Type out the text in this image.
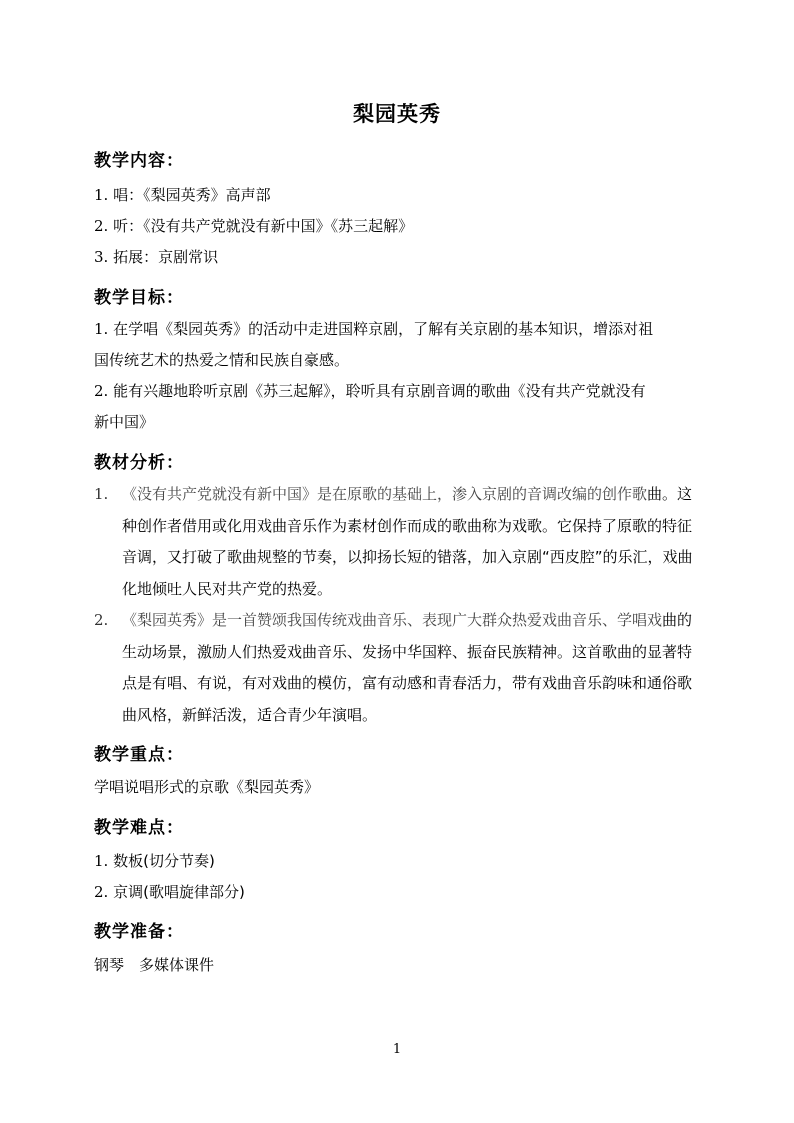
梨园英秀
教学内容：
1. 唱：《梨园英秀》高声部
2. 听：《没有共产党就没有新中国》《苏三起解》
3. 拓展：京剧常识
教学目标：
1. 在学唱《梨园英秀》的活动中走进国粹京剧，了解有关京剧的基本知识，增添对祖
国传统艺术的热爱之情和民族自豪感。
2. 能有兴趣地聆听京剧《苏三起解》，聆听具有京剧音调的歌曲《没有共产党就没有
新中国》
教材分析：
1. 《没有共产党就没有新中国》是在原歌的基础上，渗入京剧的音调改编的创作歌曲。这种创作者借用或化用戏曲音乐作为素材创作而成的歌曲称为戏歌。它保持了原歌的特征音调，又打破了歌曲规整的节奏，以抑扬长短的错落，加入京剧“西皮腔”的乐汇，戏曲化地倾吐人民对共产党的热爱。
2. 《梨园英秀》是一首赞颂我国传统戏曲音乐、表现广大群众热爱戏曲音乐、学唱戏曲的生动场景，激励人们热爱戏曲音乐、发扬中华国粹、振奋民族精神。这首歌曲的显著特点是有唱、有说，有对戏曲的模仿，富有动感和青春活力，带有戏曲音乐韵味和通俗歌曲风格，新鲜活泼，适合青少年演唱。
教学重点：
学唱说唱形式的京歌《梨园英秀》
教学难点：
1. 数板(切分节奏)
2. 京调(歌唱旋律部分)
教学准备：
钢琴　多媒体课件
1
